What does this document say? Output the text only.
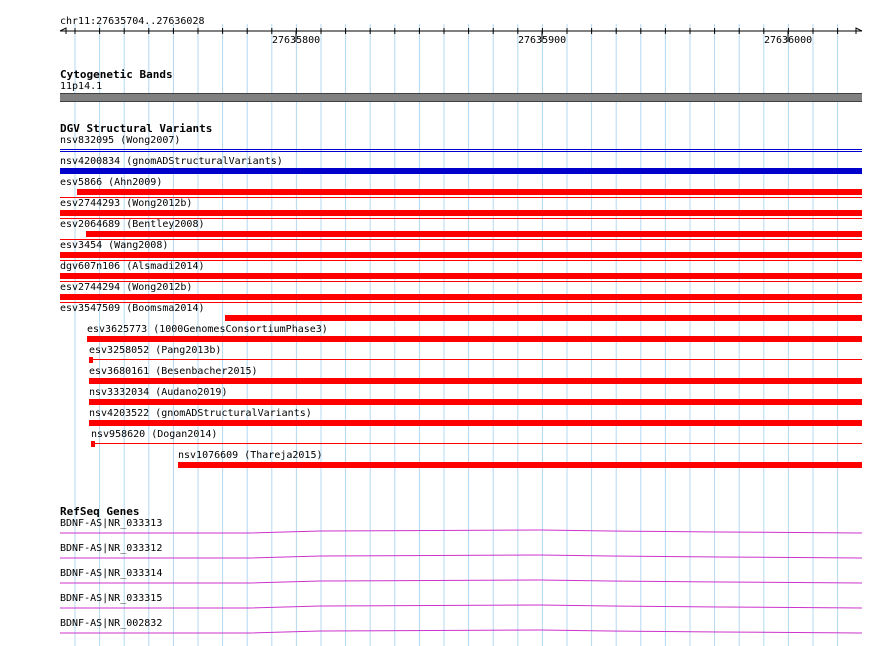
chr11:27635704..27636028
27635800	27635900	27636000
Cytogenetic Bands
11p14.1
DGV Structural Variants
nsv832095 (Wong2007)
nsv4200834 (gnomADStructuralVariants)
esv5866 (Ahn2009)
esv2744293 (Wong2012b)
esv2064689 (Bentley2008)
esv3454 (Wang2008)
dgv607n106 (Alsmadi2014)
esv2744294 (Wong2012b)
esv3547509 (Boomsma2014)
esv3625773 (1000GenomesConsortiumPhase3)
esv3258052 (Pang2013b)
esv3680161 (Besenbacher2015)
nsv3332034 (Audano2019)
nsv4203522 (gnomADStructuralVariants)
nsv958620 (Dogan2014)
nsv1076609 (Thareja2015)
RefSeq Genes
BDNF-AS|NR_033313
BDNF-AS|NR_033312
BDNF-AS|NR_033314
BDNF-AS|NR_033315
BDNF-AS|NR_002832
